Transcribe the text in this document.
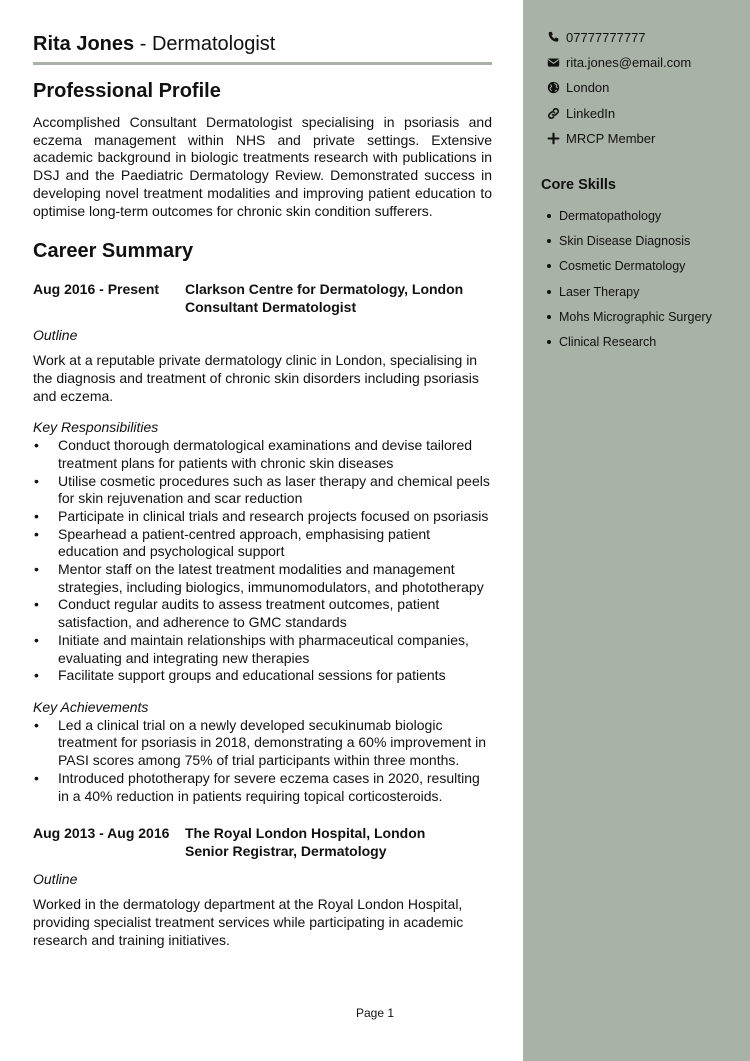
Rita Jones - Dermatologist

Professional Profile

Accomplished Consultant Dermatologist specialising in psoriasis and eczema management within NHS and private settings. Extensive academic background in biologic treatments research with publications in DSJ and the Paediatric Dermatology Review. Demonstrated success in developing novel treatment modalities and improving patient education to optimise long-term outcomes for chronic skin condition sufferers.

Career Summary
Aug 2016 - Present	Clarkson Centre for Dermatology, London
Consultant Dermatologist
Outline

Work at a reputable private dermatology clinic in London, specialising in the diagnosis and treatment of chronic skin disorders including psoriasis and eczema.

Key Responsibilities
• Conduct thorough dermatological examinations and devise tailored treatment plans for patients with chronic skin diseases
• Utilise cosmetic procedures such as laser therapy and chemical peels for skin rejuvenation and scar reduction
• Participate in clinical trials and research projects focused on psoriasis
• Spearhead a patient-centred approach, emphasising patient education and psychological support
• Mentor staff on the latest treatment modalities and management strategies, including biologics, immunomodulators, and phototherapy
• Conduct regular audits to assess treatment outcomes, patient satisfaction, and adherence to GMC standards
• Initiate and maintain relationships with pharmaceutical companies, evaluating and integrating new therapies
• Facilitate support groups and educational sessions for patients
Key Achievements
• Led a clinical trial on a newly developed secukinumab biologic treatment for psoriasis in 2018, demonstrating a 60% improvement in PASI scores among 75% of trial participants within three months.
• Introduced phototherapy for severe eczema cases in 2020, resulting in a 40% reduction in patients requiring topical corticosteroids.
Aug 2013 - Aug 2016	The Royal London Hospital, London
Senior Registrar, Dermatology
Outline

Worked in the dermatology department at the Royal London Hospital, providing specialist treatment services while participating in academic research and training initiatives.

07777777777
rita.jones@email.com
London
LinkedIn
MRCP Member
Core Skills
Dermatopathology
Skin Disease Diagnosis
Cosmetic Dermatology
Laser Therapy
Mohs Micrographic Surgery
Clinical Research
Page 1
